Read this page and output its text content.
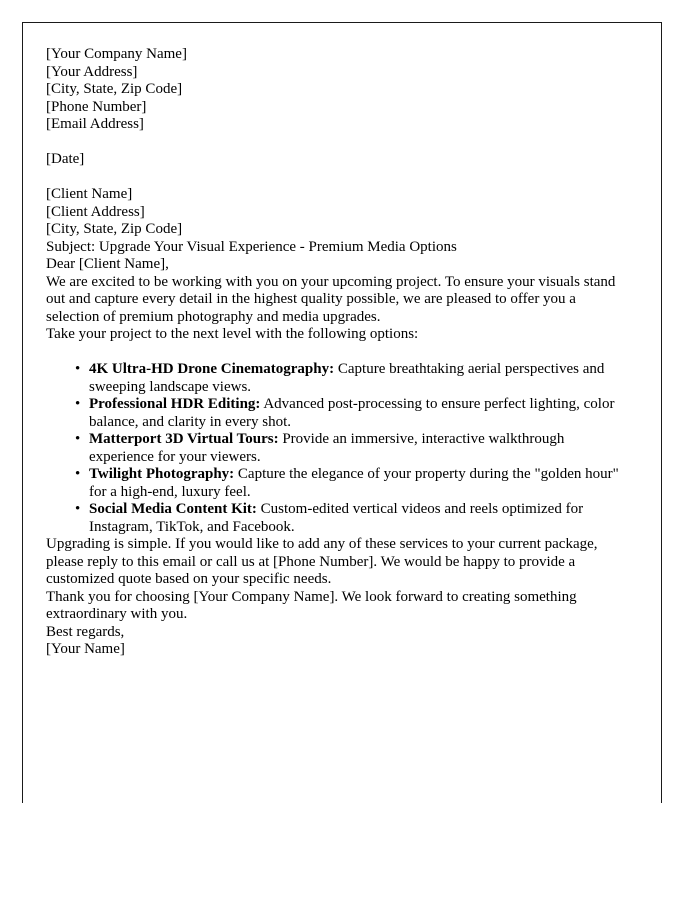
[Your Company Name]
[Your Address]
[City, State, Zip Code]
[Phone Number]
[Email Address]

[Date]

[Client Name]
[Client Address]
[City, State, Zip Code]

Subject: Upgrade Your Visual Experience - Premium Media Options

Dear [Client Name],

We are excited to be working with you on your upcoming project. To ensure your visuals stand out and capture every detail in the highest quality possible, we are pleased to offer you a selection of premium photography and media upgrades.

Take your project to the next level with the following options:

• 4K Ultra-HD Drone Cinematography: Capture breathtaking aerial perspectives and sweeping landscape views.
• Professional HDR Editing: Advanced post-processing to ensure perfect lighting, color balance, and clarity in every shot.
• Matterport 3D Virtual Tours: Provide an immersive, interactive walkthrough experience for your viewers.
• Twilight Photography: Capture the elegance of your property during the "golden hour" for a high-end, luxury feel.
• Social Media Content Kit: Custom-edited vertical videos and reels optimized for Instagram, TikTok, and Facebook.

Upgrading is simple. If you would like to add any of these services to your current package, please reply to this email or call us at [Phone Number]. We would be happy to provide a customized quote based on your specific needs.

Thank you for choosing [Your Company Name]. We look forward to creating something extraordinary with you.

Best regards,

[Your Name]
